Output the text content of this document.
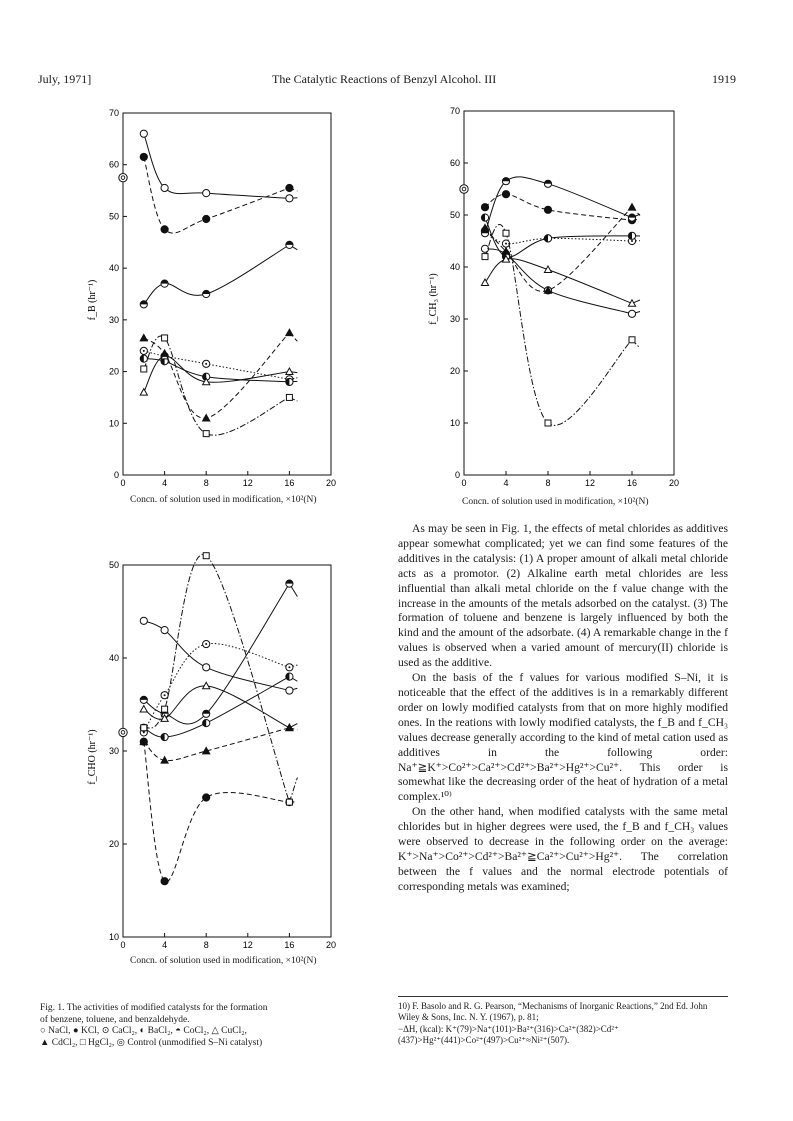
July, 1971]	The Catalytic Reactions of Benzyl Alcohol. III	1919
0	4	8	12	16	20
0
10
20
30
40
50
60
70
f_B (hr⁻¹)
0	4	8	12	16	20
0
10
20
30
40
50
60
70
f_CH₃ (hr⁻¹)
0	4	8	12	16	20
10
20
30
40
50
f_CHO (hr⁻¹)
Concn. of solution used in modification, ×10²(N)	Concn. of solution used in modification, ×10²(N)
Concn. of solution used in modification, ×10²(N)
Fig. 1. The activities of modified catalysts for the formation
of benzene, toluene, and benzaldehyde.
○ NaCl, ● KCl, ⊙ CaCl₂, ◐ BaCl₂, ◓ CoCl₂, △ CuCl₂,
▲ CdCl₂, □ HgCl₂, ◎ Control (unmodified S–Ni catalyst)

As may be seen in Fig. 1, the effects of metal chlorides as additives appear somewhat complicated; yet we can find some features of the additives in the catalysis: (1) A proper amount of alkali metal chloride acts as a promotor. (2) Alkaline earth metal chlorides are less influential than alkali metal chloride on the f value change with the increase in the amounts of the metals adsorbed on the catalyst. (3) The formation of toluene and benzene is largely influenced by both the kind and the amount of the adsorbate. (4) A remarkable change in the f values is observed when a varied amount of mercury(II) chloride is used as the additive.

On the basis of the f values for various modified S–Ni, it is noticeable that the effect of the additives is in a remarkably different order on lowly modified catalysts from that on more highly modified ones. In the reations with lowly modified catalysts, the f_B and f_CH₃ values decrease generally according to the kind of metal cation used as additives in the following order: Na⁺≧K⁺>Co²⁺>Ca²⁺>Cd²⁺>Ba²⁺>Hg²⁺>Cu²⁺. This order is somewhat like the decreasing order of the heat of hydration of a metal complex.¹⁰⁾

On the other hand, when modified catalysts with the same metal chlorides but in higher degrees were used, the f_B and f_CH₃ values were observed to decrease in the following order on the average: K⁺>Na⁺>Co²⁺>Cd²⁺>Ba²⁺≧Ca²⁺>Cu²⁺>Hg²⁺. The correlation between the f values and the normal electrode potentials of corresponding metals was examined;

10) F. Basolo and R. G. Pearson, “Mechanisms of Inorganic Reactions,” 2nd Ed. John Wiley & Sons, Inc. N. Y. (1967), p. 81;

−ΔH, (kcal): K⁺(79)>Na⁺(101)>Ba²⁺(316)>Ca²⁺(382)>Cd²⁺ (437)>Hg²⁺(441)>Co²⁺(497)>Cu²⁺≈Ni²⁺(507).
